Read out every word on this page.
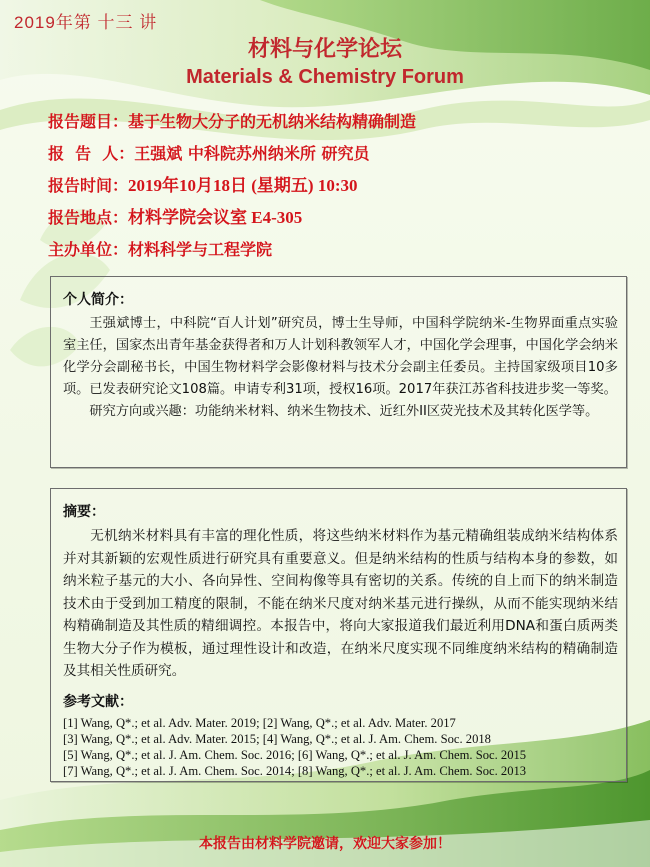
2019年第 十三 讲
材料与化学论坛
Materials & Chemistry Forum
报告题目：基于生物大分子的无机纳米结构精确制造
报  告  人：王强斌 中科院苏州纳米所 研究员
报告时间：2019年10月18日 (星期五) 10:30
报告地点：材料学院会议室 E4-305
主办单位：材料科学与工程学院
个人简介：

王强斌博士，中科院“百人计划”研究员，博士生导师，中国科学院纳米-生物界面重点实验室主任，国家杰出青年基金获得者和万人计划科教领军人才，中国化学会理事，中国化学会纳米化学分会副秘书长，中国生物材料学会影像材料与技术分会副主任委员。主持国家级项目10多项。已发表研究论文108篇。申请专利31项，授权16项。2017年获江苏省科技进步奖一等奖。

研究方向或兴趣：功能纳米材料、纳米生物技术、近红外II区荧光技术及其转化医学等。

摘要：

无机纳米材料具有丰富的理化性质，将这些纳米材料作为基元精确组装成纳米结构体系并对其新颖的宏观性质进行研究具有重要意义。但是纳米结构的性质与结构本身的参数，如纳米粒子基元的大小、各向异性、空间构像等具有密切的关系。传统的自上而下的纳米制造技术由于受到加工精度的限制，不能在纳米尺度对纳米基元进行操纵，从而不能实现纳米结构精确制造及其性质的精细调控。本报告中，将向大家报道我们最近利用DNA和蛋白质两类生物大分子作为模板，通过理性设计和改造，在纳米尺度实现不同维度纳米结构的精确制造及其相关性质研究。

参考文献：
[1] Wang, Q*.; et al. Adv. Mater. 2019; [2] Wang, Q*.; et al. Adv. Mater. 2017
[3] Wang, Q*.; et al. Adv. Mater. 2015; [4] Wang, Q*.; et al. J. Am. Chem. Soc. 2018
[5] Wang, Q*.; et al. J. Am. Chem. Soc. 2016; [6] Wang, Q*.; et al. J. Am. Chem. Soc. 2015
[7] Wang, Q*.; et al. J. Am. Chem. Soc. 2014; [8] Wang, Q*.; et al. J. Am. Chem. Soc. 2013
本报告由材料学院邀请，欢迎大家参加！
